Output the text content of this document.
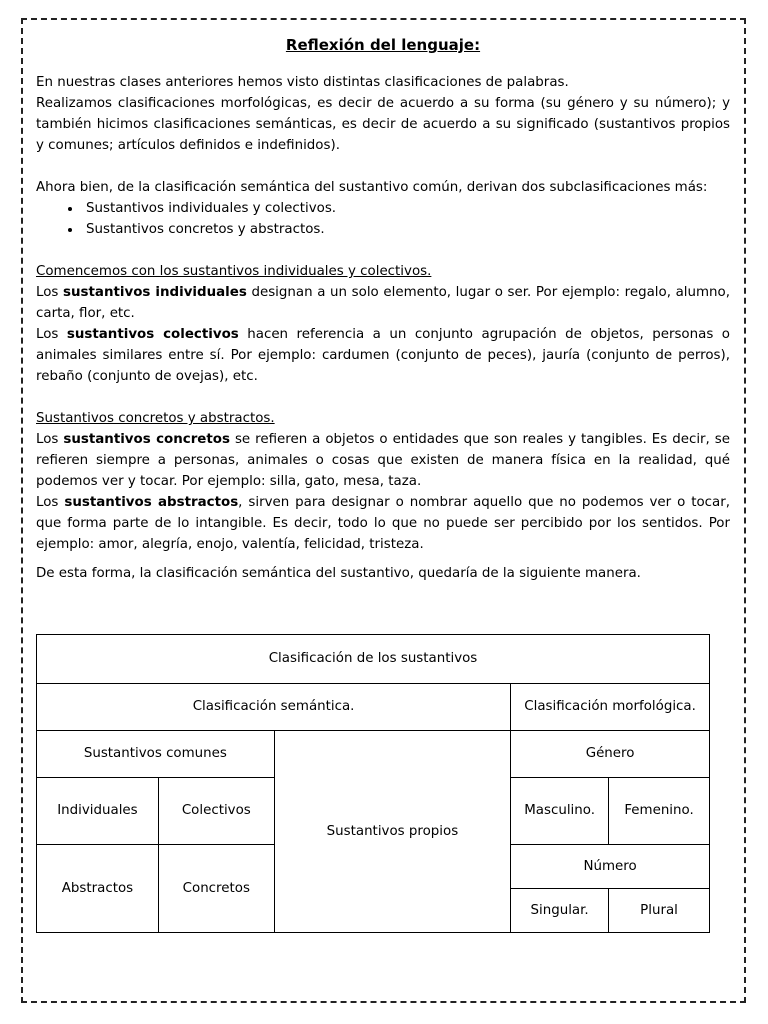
Reflexión del lenguaje:

En nuestras clases anteriores hemos visto distintas clasificaciones de palabras.

Realizamos clasificaciones morfológicas, es decir de acuerdo a su forma (su género y su número); y también hicimos clasificaciones semánticas, es decir de acuerdo a su significado (sustantivos propios y comunes; artículos definidos e indefinidos).

Ahora bien, de la clasificación semántica del sustantivo común, derivan dos subclasificaciones más:

• Sustantivos individuales y colectivos.
• Sustantivos concretos y abstractos.

Comencemos con los sustantivos individuales y colectivos.

Los sustantivos individuales designan a un solo elemento, lugar o ser. Por ejemplo: regalo, alumno, carta, flor, etc.

Los sustantivos colectivos hacen referencia a un conjunto agrupación de objetos, personas o animales similares entre sí. Por ejemplo: cardumen (conjunto de peces), jauría (conjunto de perros), rebaño (conjunto de ovejas), etc.

Sustantivos concretos y abstractos.

Los sustantivos concretos se refieren a objetos o entidades que son reales y tangibles. Es decir, se refieren siempre a personas, animales o cosas que existen de manera física en la realidad, qué podemos ver y tocar. Por ejemplo: silla, gato, mesa, taza.

Los sustantivos abstractos, sirven para designar o nombrar aquello que no podemos ver o tocar, que forma parte de lo intangible. Es decir, todo lo que no puede ser percibido por los sentidos. Por ejemplo: amor, alegría, enojo, valentía, felicidad, tristeza.

De esta forma, la clasificación semántica del sustantivo, quedaría de la siguiente manera.

Clasificación de los sustantivos				
Clasificación semántica.			Clasificación morfológica.	
Sustantivos comunes		Sustantivos propios	Género	
Individuales	Colectivos		Masculino.	Femenino.
Abstractos	Concretos		Número	
			Singular.	Plural
